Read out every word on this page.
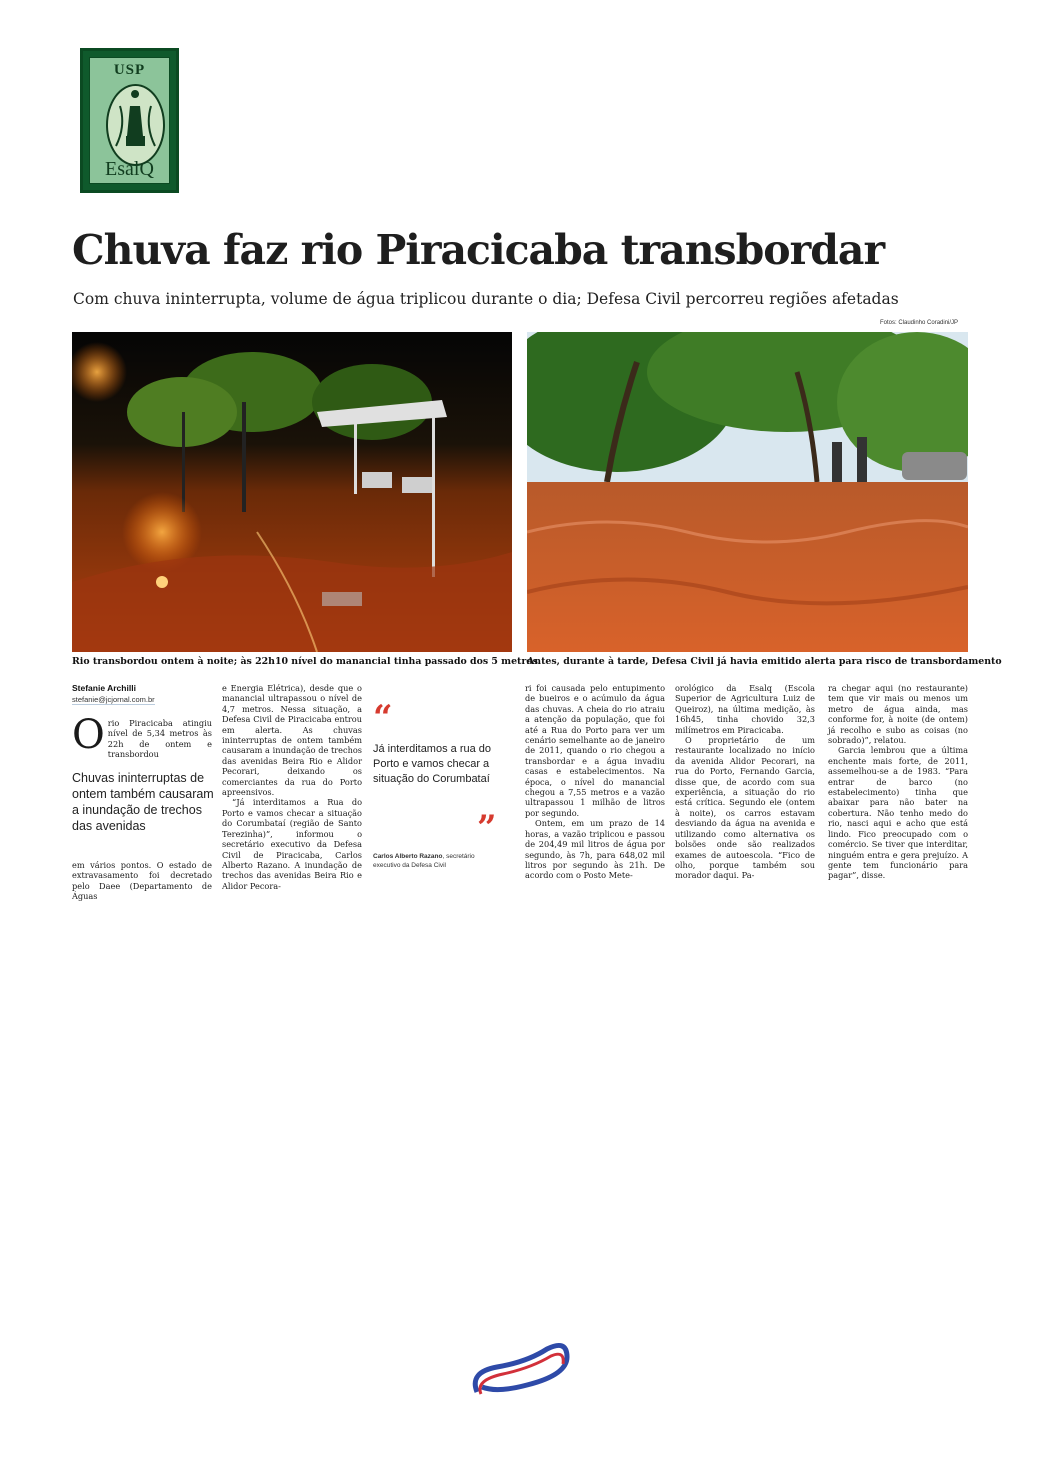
USP
EsalQ
Chuva faz rio Piracicaba transbordar

Com chuva ininterrupta, volume de água triplicou durante o dia; Defesa Civil percorreu regiões afetadas

Fotos: Claudinho Coradini/JP

Rio transbordou ontem à noite; às 22h10 nível do manancial tinha passado dos 5 metros

Antes, durante à tarde, Defesa Civil já havia emitido alerta para risco de transbordamento

Stefanie Archilli
stefanie@jcjornal.com.br
O rio Piracicaba atingiu nível de 5,34 metros às 22h de ontem e transbordou
Chuvas ininterruptas de ontem também causaram a inundação de trechos das avenidas

em vários pontos. O estado de extravasamento foi decretado pelo Daee (Departamento de Águas

e Energia Elétrica), desde que o manancial ultrapassou o nível de 4,7 metros. Nessa situação, a Defesa Civil de Piracicaba entrou em alerta. As chuvas ininterruptas de ontem também causaram a inundação de trechos das avenidas Beira Rio e Alidor Pecorari, deixando os comerciantes da rua do Porto apreensivos.

“Já interditamos a Rua do Porto e vamos checar a situação do Corumbataí (região de Santo Terezinha)”, informou o secretário executivo da Defesa Civil de Piracicaba, Carlos Alberto Razano. A inundação de trechos das avenidas Beira Rio e Alidor Pecora-

“
Já interditamos a rua do Porto e vamos checar a situação do Corumbataí
”
Carlos Alberto Razano, secretário executivo da Defesa Civil

ri foi causada pelo entupimento de bueiros e o acúmulo da água das chuvas. A cheia do rio atraiu a atenção da população, que foi até a Rua do Porto para ver um cenário semelhante ao de janeiro de 2011, quando o rio chegou a transbordar e a água invadiu casas e estabelecimentos. Na época, o nível do manancial chegou a 7,55 metros e a vazão ultrapassou 1 milhão de litros por segundo.

Ontem, em um prazo de 14 horas, a vazão triplicou e passou de 204,49 mil litros de água por segundo, às 7h, para 648,02 mil litros por segundo às 21h. De acordo com o Posto Mete-

orológico da Esalq (Escola Superior de Agricultura Luiz de Queiroz), na última medição, às 16h45, tinha chovido 32,3 milímetros em Piracicaba.

O proprietário de um restaurante localizado no início da avenida Alidor Pecorari, na rua do Porto, Fernando Garcia, disse que, de acordo com sua experiência, a situação do rio está crítica. Segundo ele (ontem à noite), os carros estavam desviando da água na avenida e utilizando como alternativa os bolsões onde são realizados exames de autoescola. “Fico de olho, porque também sou morador daqui. Pa-

ra chegar aqui (no restaurante) tem que vir mais ou menos um metro de água ainda, mas conforme for, à noite (de ontem) já recolho e subo as coisas (no sobrado)”, relatou.

Garcia lembrou que a última enchente mais forte, de 2011, assemelhou-se a de 1983. “Para entrar de barco (no estabelecimento) tinha que abaixar para não bater na cobertura. Não tenho medo do rio, nasci aqui e acho que está lindo. Fico preocupado com o comércio. Se tiver que interditar, ninguém entra e gera prejuízo. A gente tem funcionário para pagar”, disse.
